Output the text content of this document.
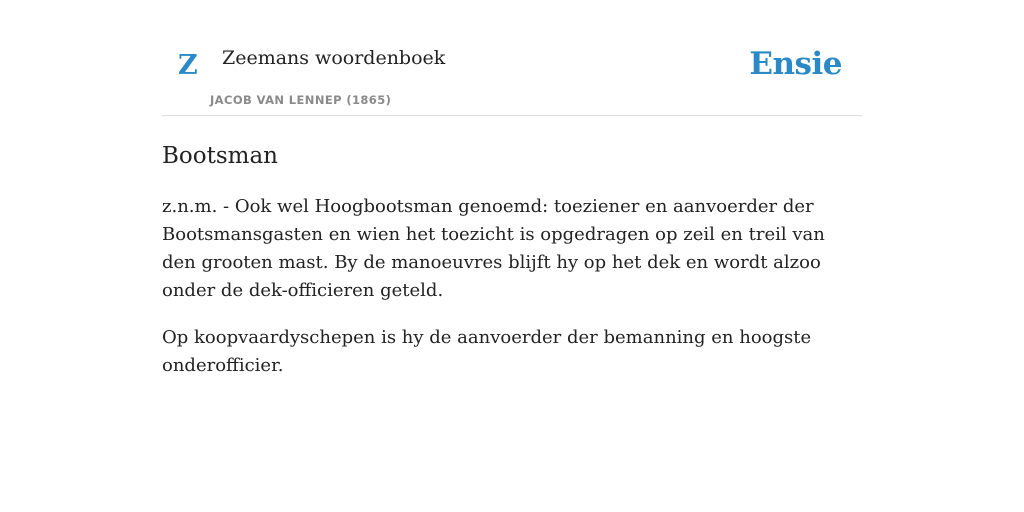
Z Zeemans woordenboek
JACOB VAN LENNEP (1865)
Ensie
Bootsman

z.n.m. - Ook wel Hoogbootsman genoemd: toeziener en aanvoerder der Bootsmansgasten en wien het toezicht is opgedragen op zeil en treil van den grooten mast. By de manoeuvres blijft hy op het dek en wordt alzoo onder de dek-officieren geteld.

Op koopvaardyschepen is hy de aanvoerder der bemanning en hoogste onderofficier.
